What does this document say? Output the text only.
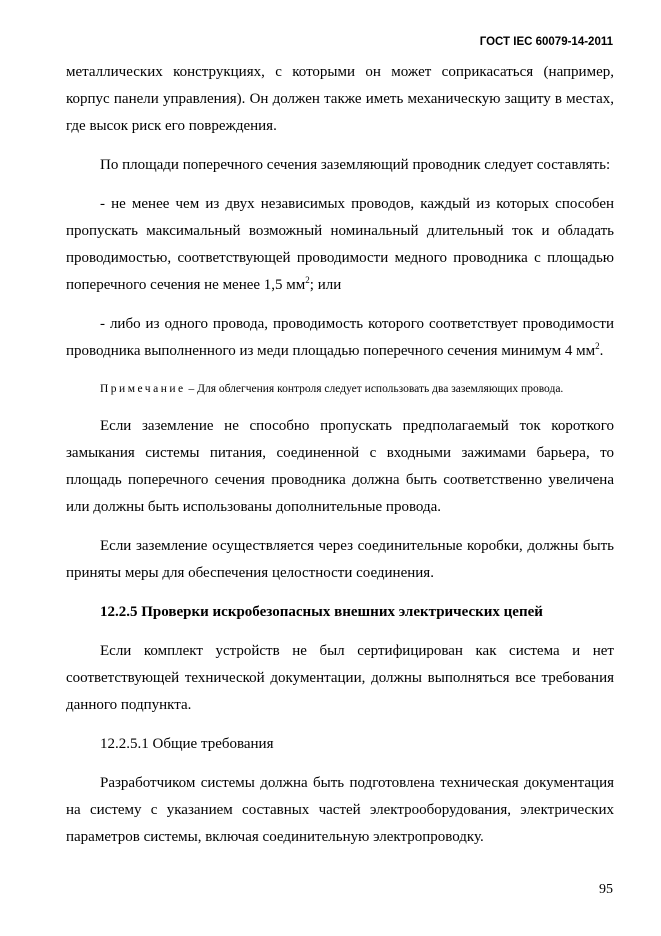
ГОСТ IEC 60079-14-2011

металлических конструкциях, с которыми он может соприкасаться (например, корпус панели управления). Он должен также иметь механическую защиту в местах, где высок риск его повреждения.

По площади поперечного сечения заземляющий проводник следует составлять:

- не менее чем из двух независимых проводов, каждый из которых способен пропускать максимальный возможный номинальный длительный ток и обладать проводимостью, соответствующей проводимости медного проводника с площадью поперечного сечения не менее 1,5 $мм^2$; или

- либо из одного провода, проводимость которого соответствует проводимости проводника выполненного из меди площадью поперечного сечения минимум 4 $мм^2$.

Примечание – Для облегчения контроля следует использовать два заземляющих провода.

Если заземление не способно пропускать предполагаемый ток короткого замыкания системы питания, соединенной с входными зажимами барьера, то площадь поперечного сечения проводника должна быть соответственно увеличена или должны быть использованы дополнительные провода.

Если заземление осуществляется через соединительные коробки, должны быть приняты меры для обеспечения целостности соединения.

12.2.5 Проверки искробезопасных внешних электрических цепей

Если комплект устройств не был сертифицирован как система и нет соответствующей технической документации, должны выполняться все требования данного подпункта.

12.2.5.1 Общие требования

Разработчиком системы должна быть подготовлена техническая документация на систему с указанием составных частей электрооборудования, электрических параметров системы, включая соединительную электропроводку.

95
